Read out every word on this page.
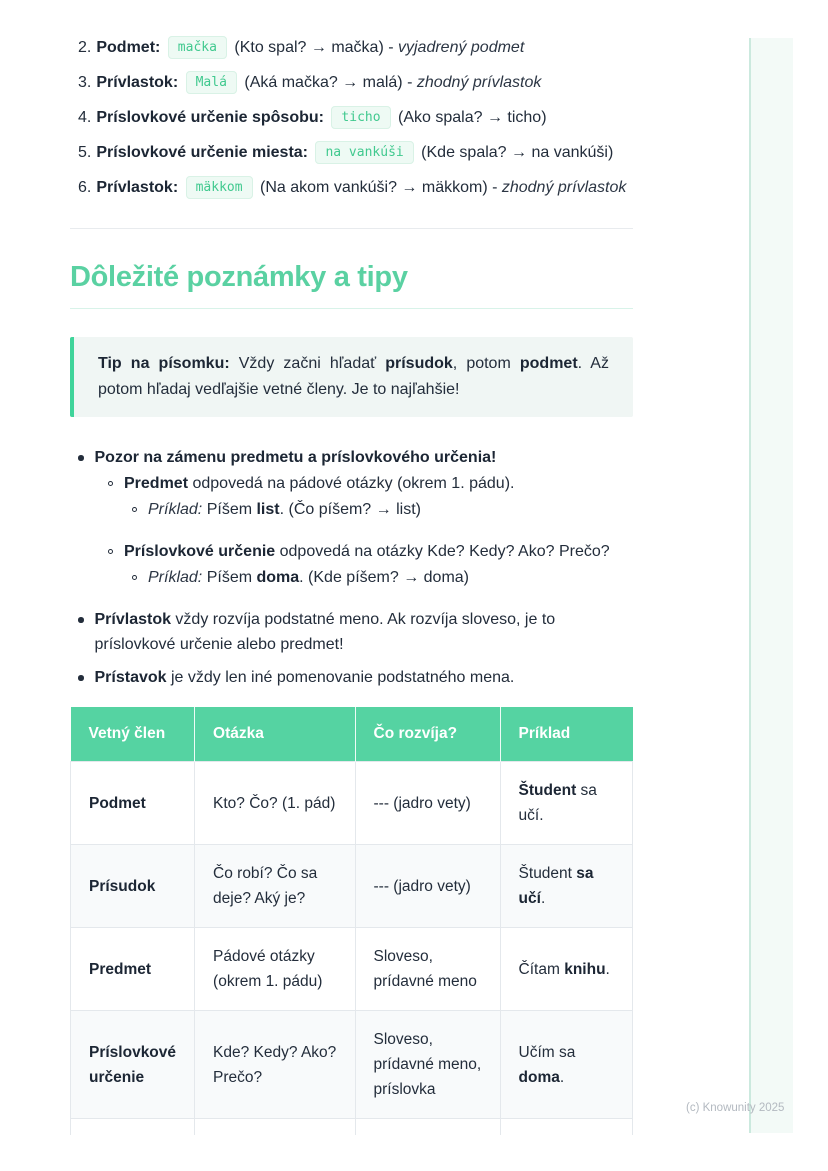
2. Podmet: mačka (Kto spal? → mačka) - vyjadrený podmet
3. Prívlastok: Malá (Aká mačka? → malá) - zhodný prívlastok
4. Príslovkové určenie spôsobu: ticho (Ako spala? → ticho)
5. Príslovkové určenie miesta: na vankúši (Kde spala? → na vankúši)
6. Prívlastok: mäkkom (Na akom vankúši? → mäkkom) - zhodný prívlastok
Dôležité poznámky a tipy
Tip na písomku: Vždy začni hľadať prísudok, potom podmet. Až potom hľadaj vedľajšie vetné členy. Je to najľahšie!
Pozor na zámenu predmetu a príslovkového určenia!
Predmet odpovedá na pádové otázky (okrem 1. pádu).
Príklad: Píšem list. (Čo píšem? → list)
Príslovkové určenie odpovedá na otázky Kde? Kedy? Ako? Prečo?
Príklad: Píšem doma. (Kde píšem? → doma)
Prívlastok vždy rozvíja podstatné meno. Ak rozvíja sloveso, je to príslovkové určenie alebo predmet!
Prístavok je vždy len iné pomenovanie podstatného mena.
Vetný člen	Otázka	Čo rozvíja?	Príklad
Podmet	Kto? Čo? (1. pád)	--- (jadro vety)	Študent sa učí.
Prísudok	Čo robí? Čo sa deje? Aký je?	--- (jadro vety)	Študent sa učí.
Predmet	Pádové otázky (okrem 1. pádu)	Sloveso, prídavné meno	Čítam knihu.
Príslovkové určenie	Kde? Kedy? Ako? Prečo?	Sloveso, prídavné meno, príslovka	Učím sa doma.

(c) Knowunity 2025
